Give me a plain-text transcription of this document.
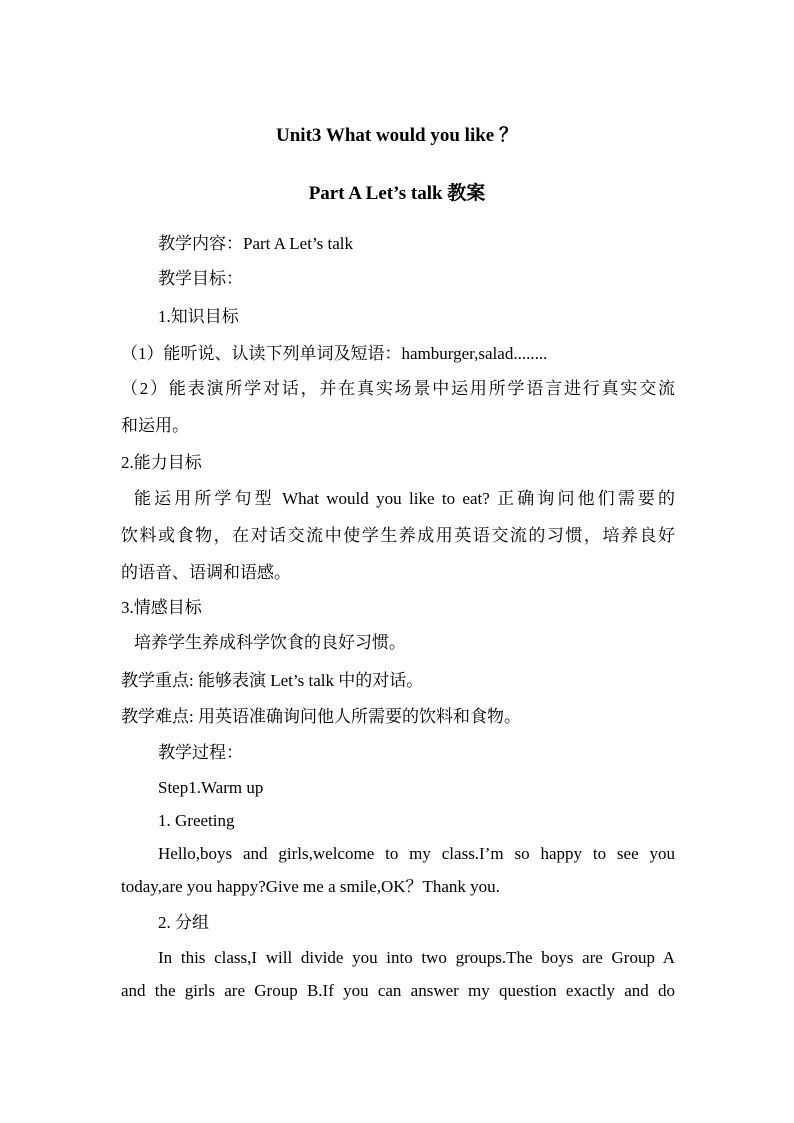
Unit3 What would you like ？
Part A Let’s talk 教案
教学内容：Part A Let’s talk
教学目标：
1.知识目标
（1）能听说、认读下列单词及短语：hamburger,salad........
（2）能表演所学对话，并在真实场景中运用所学语言进行真实交流
和运用。
2.能力目标
能运用所学句型 What would you like to eat? 正确询问他们需要的
饮料或食物，在对话交流中使学生养成用英语交流的习惯，培养良好
的语音、语调和语感。
3.情感目标
培养学生养成科学饮食的良好习惯。
教学重点: 能够表演 Let’s talk 中的对话。
教学难点: 用英语准确询问他人所需要的饮料和食物。
教学过程：
Step1.Warm up
1. Greeting
Hello,boys and girls,welcome to my class.I’m so happy to see you
today,are you happy?Give me a smile,OK？Thank you.
2. 分组
In this class,I will divide you into two groups.The boys are Group A
and the girls are Group B.If you can answer my question exactly and do
